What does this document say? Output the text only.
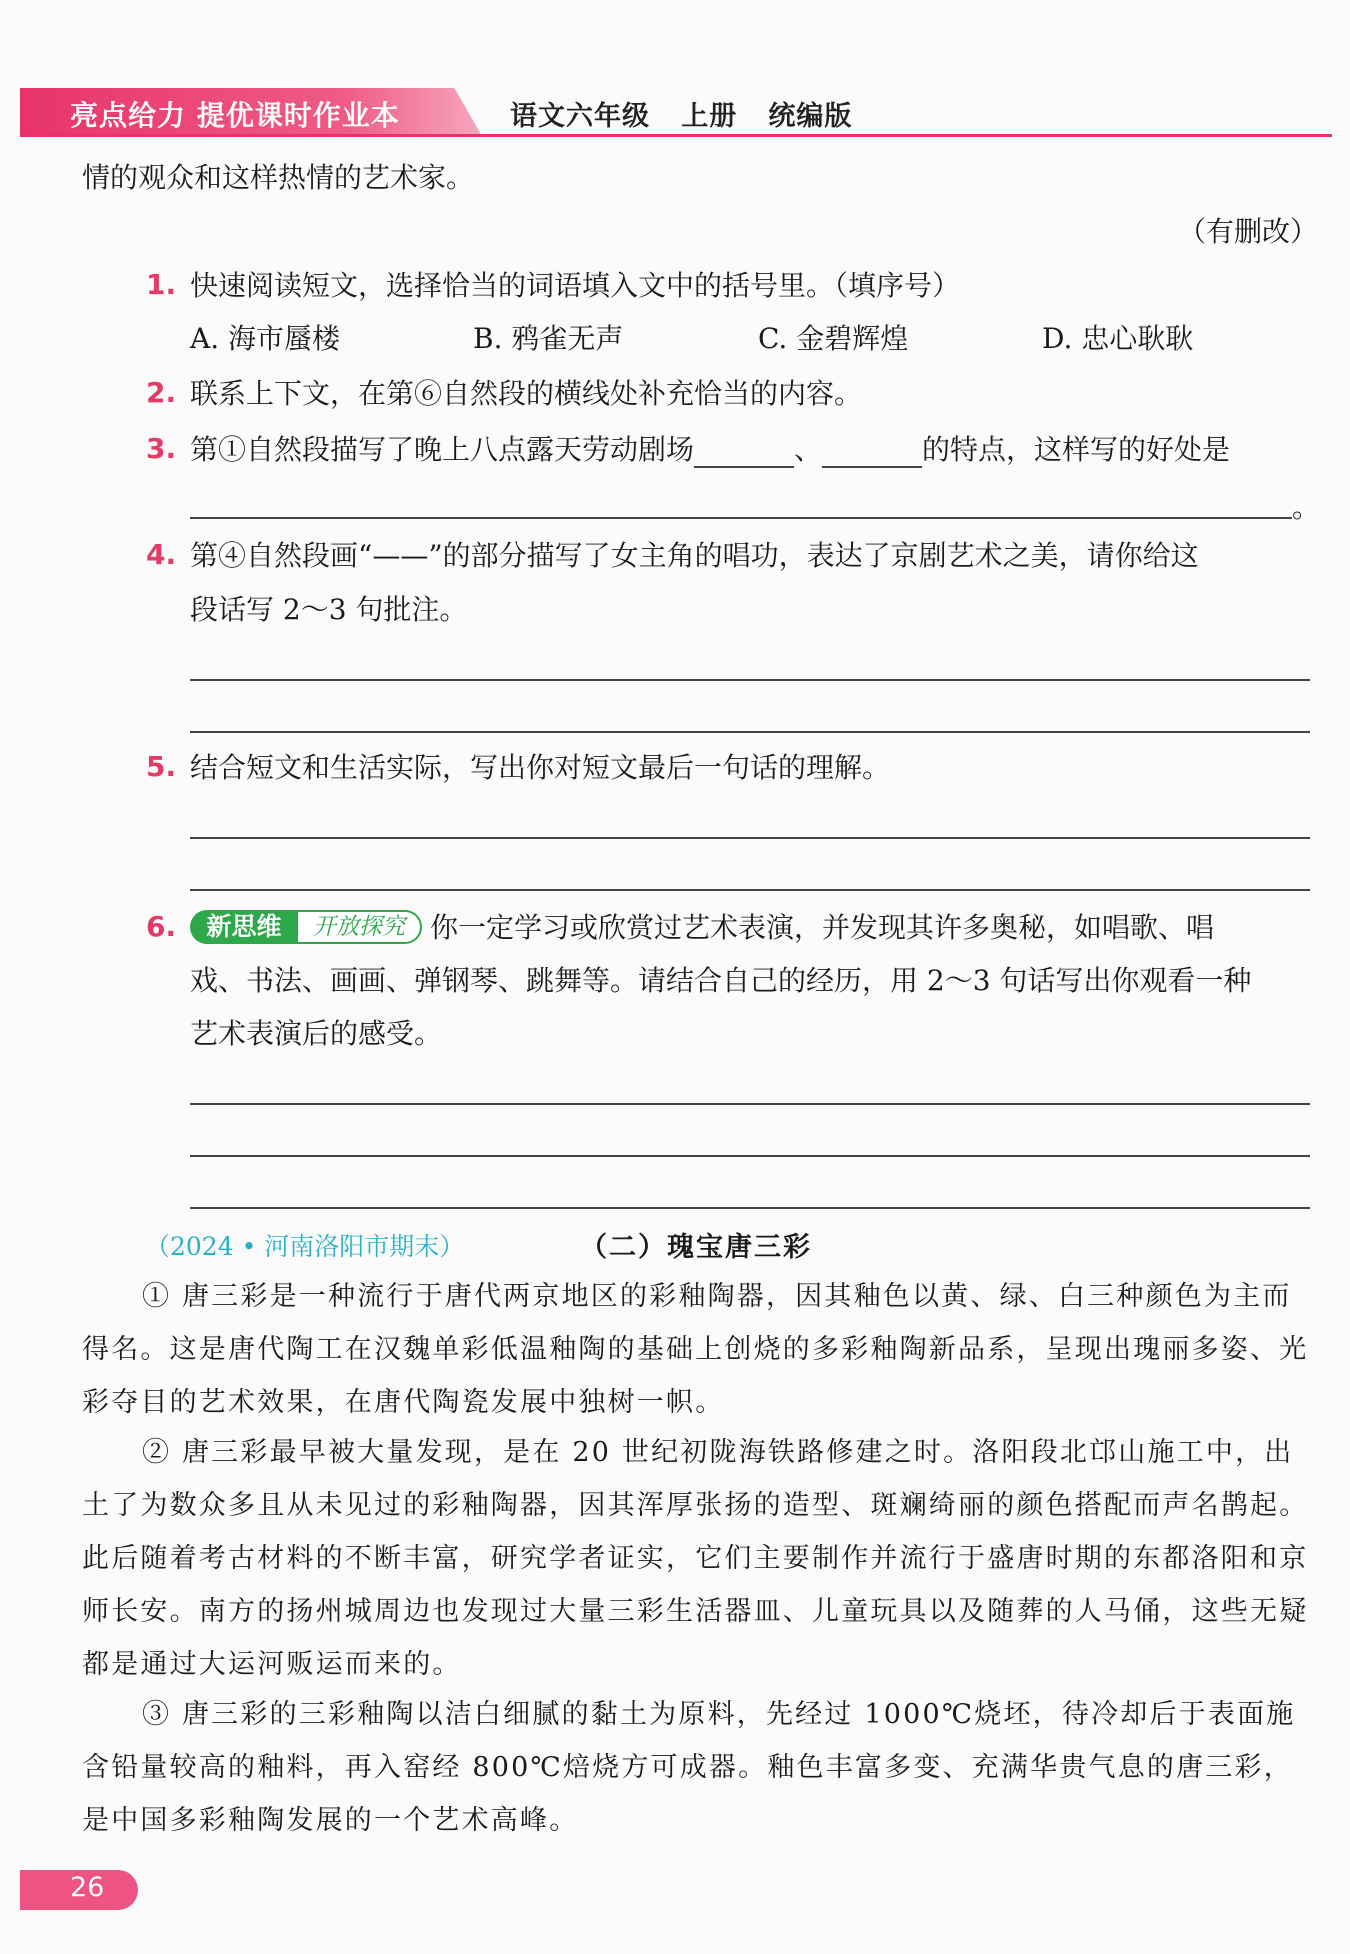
亮点给力 提优课时作业本	语文六年级   上册   统编版
情的观众和这样热情的艺术家。
（有删改）
1. 快速阅读短文，选择恰当的词语填入文中的括号里。（填序号）
A. 海市蜃楼	B. 鸦雀无声	C. 金碧辉煌	D. 忠心耿耿
2. 联系上下文，在第⑥自然段的横线处补充恰当的内容。
3. 第①自然段描写了晚上八点露天劳动剧场	、	的特点，这样写的好处是
。
4. 第④自然段画“——”的部分描写了女主角的唱功，表达了京剧艺术之美，请你给这
段话写 2～3 句批注。
5. 结合短文和生活实际，写出你对短文最后一句话的理解。
6.	新思维	开放探究 你一定学习或欣赏过艺术表演，并发现其许多奥秘，如唱歌、唱
戏、书法、画画、弹钢琴、跳舞等。请结合自己的经历，用 2～3 句话写出你观看一种
艺术表演后的感受。
（2024 • 河南洛阳市期末）	（二）瑰宝唐三彩
① 唐三彩是一种流行于唐代两京地区的彩釉陶器，因其釉色以黄、绿、白三种颜色为主而得名。这是唐代陶工在汉魏单彩低温釉陶的基础上创烧的多彩釉陶新品系，呈现出瑰丽多姿、光彩夺目的艺术效果，在唐代陶瓷发展中独树一帜。
② 唐三彩最早被大量发现，是在 20 世纪初陇海铁路修建之时。洛阳段北邙山施工中，出土了为数众多且从未见过的彩釉陶器，因其浑厚张扬的造型、斑斓绮丽的颜色搭配而声名鹊起。此后随着考古材料的不断丰富，研究学者证实，它们主要制作并流行于盛唐时期的东都洛阳和京师长安。南方的扬州城周边也发现过大量三彩生活器皿、儿童玩具以及随葬的人马俑，这些无疑都是通过大运河贩运而来的。
③ 唐三彩的三彩釉陶以洁白细腻的黏土为原料，先经过 1000℃烧坯，待冷却后于表面施含铅量较高的釉料，再入窑经 800℃焙烧方可成器。釉色丰富多变、充满华贵气息的唐三彩，是中国多彩釉陶发展的一个艺术高峰。
26
